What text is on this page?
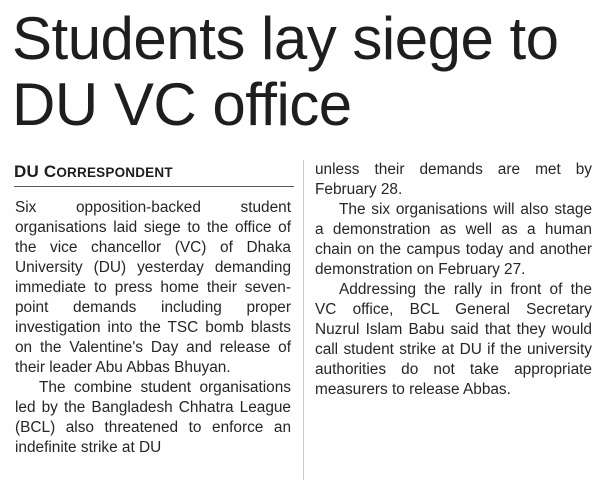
Students lay siege to DU VC office
DU CORRESPONDENT

Six opposition-backed student organisations laid siege to the office of the vice chancellor (VC) of Dhaka University (DU) yesterday demanding immediate to press home their seven- point demands including proper investigation into the TSC bomb blasts on the Valentine's Day and release of their leader Abu Abbas Bhuyan.

The combine student organisations led by the Bangladesh Chhatra League (BCL) also threatened to enforce an indefinite strike at DU

unless their demands are met by February 28.

The six organisations will also stage a demonstration as well as a human chain on the campus today and another demonstration on February 27.

Addressing the rally in front of the VC office, BCL General Secretary Nuzrul Islam Babu said that they would call student strike at DU if the university authorities do not take appropriate measurers to release Abbas.
